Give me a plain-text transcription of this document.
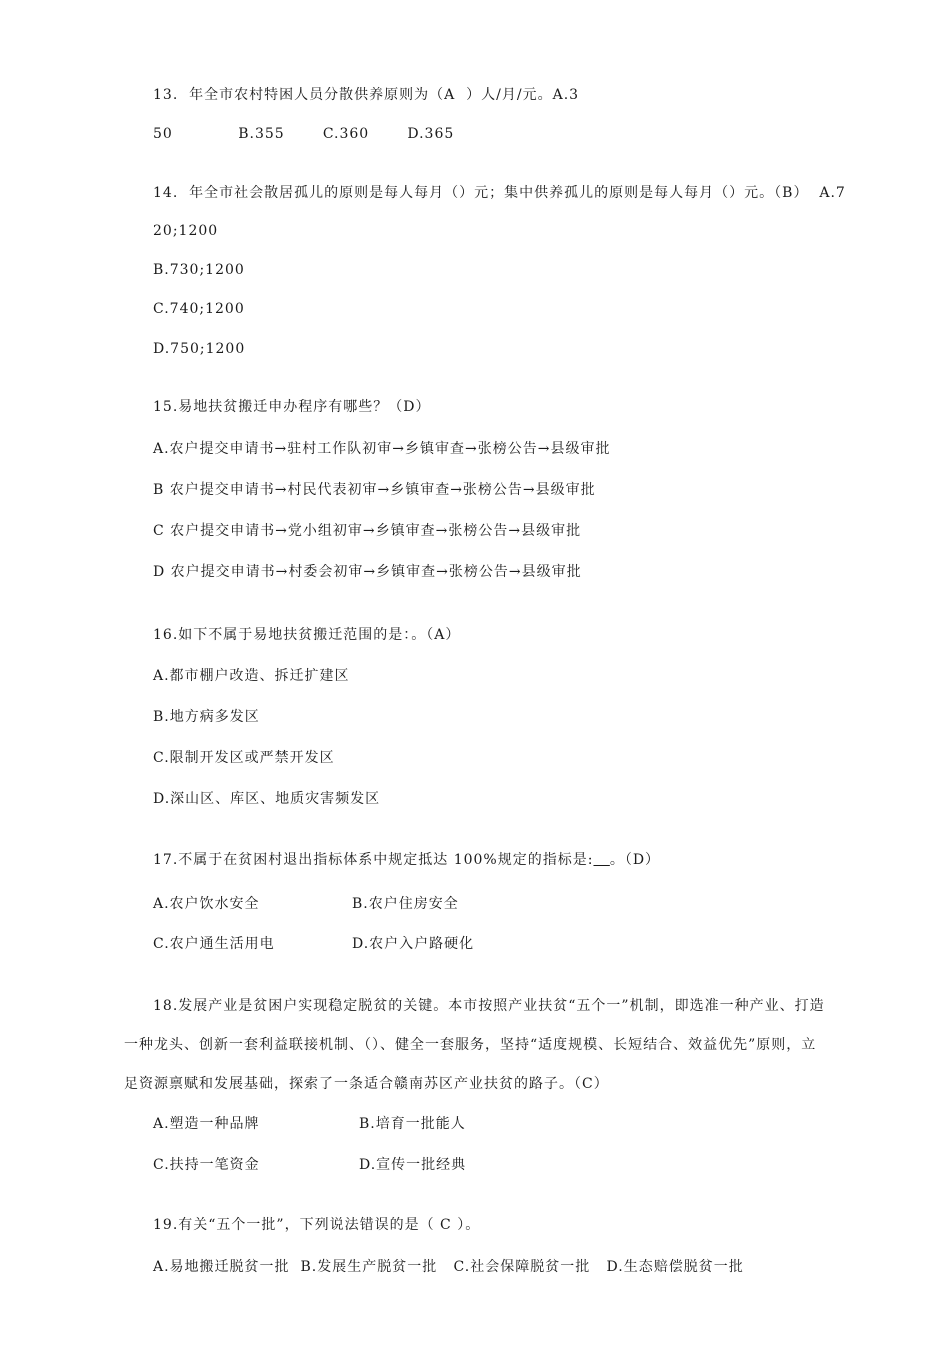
13.  年全市农村特困人员分散供养原则为（A  ）人/月/元。A.3
50            B.355       C.360       D.365
14.  年全市社会散居孤儿的原则是每人每月（）元；集中供养孤儿的原则是每人每月（）元。（B）  A.7
20;1200
B.730;1200
C.740;1200
D.750;1200
15.易地扶贫搬迁申办程序有哪些？（D）
A.农户提交申请书→驻村工作队初审→乡镇审查→张榜公告→县级审批
B 农户提交申请书→村民代表初审→乡镇审查→张榜公告→县级审批
C 农户提交申请书→党小组初审→乡镇审查→张榜公告→县级审批
D 农户提交申请书→村委会初审→乡镇审查→张榜公告→县级审批
16.如下不属于易地扶贫搬迁范围的是：。（A）
A.都市棚户改造、拆迁扩建区
B.地方病多发区
C.限制开发区或严禁开发区
D.深山区、库区、地质灾害频发区
17.不属于在贫困村退出指标体系中规定抵达 100%规定的指标是: 。（D）
A.农户饮水安全	B.农户住房安全
C.农户通生活用电	D.农户入户路硬化
18.发展产业是贫困户实现稳定脱贫的关键。本市按照产业扶贫“五个一”机制，即选准一种产业、打造
一种龙头、创新一套利益联接机制、（）、健全一套服务，坚持“适度规模、长短结合、效益优先”原则，立
足资源禀赋和发展基础，探索了一条适合赣南苏区产业扶贫的路子。（C）
A.塑造一种品牌	B.培育一批能人
C.扶持一笔资金	D.宣传一批经典
19.有关“五个一批”，下列说法错误的是（ C ）。
A.易地搬迁脱贫一批  B.发展生产脱贫一批   C.社会保障脱贫一批   D.生态赔偿脱贫一批
